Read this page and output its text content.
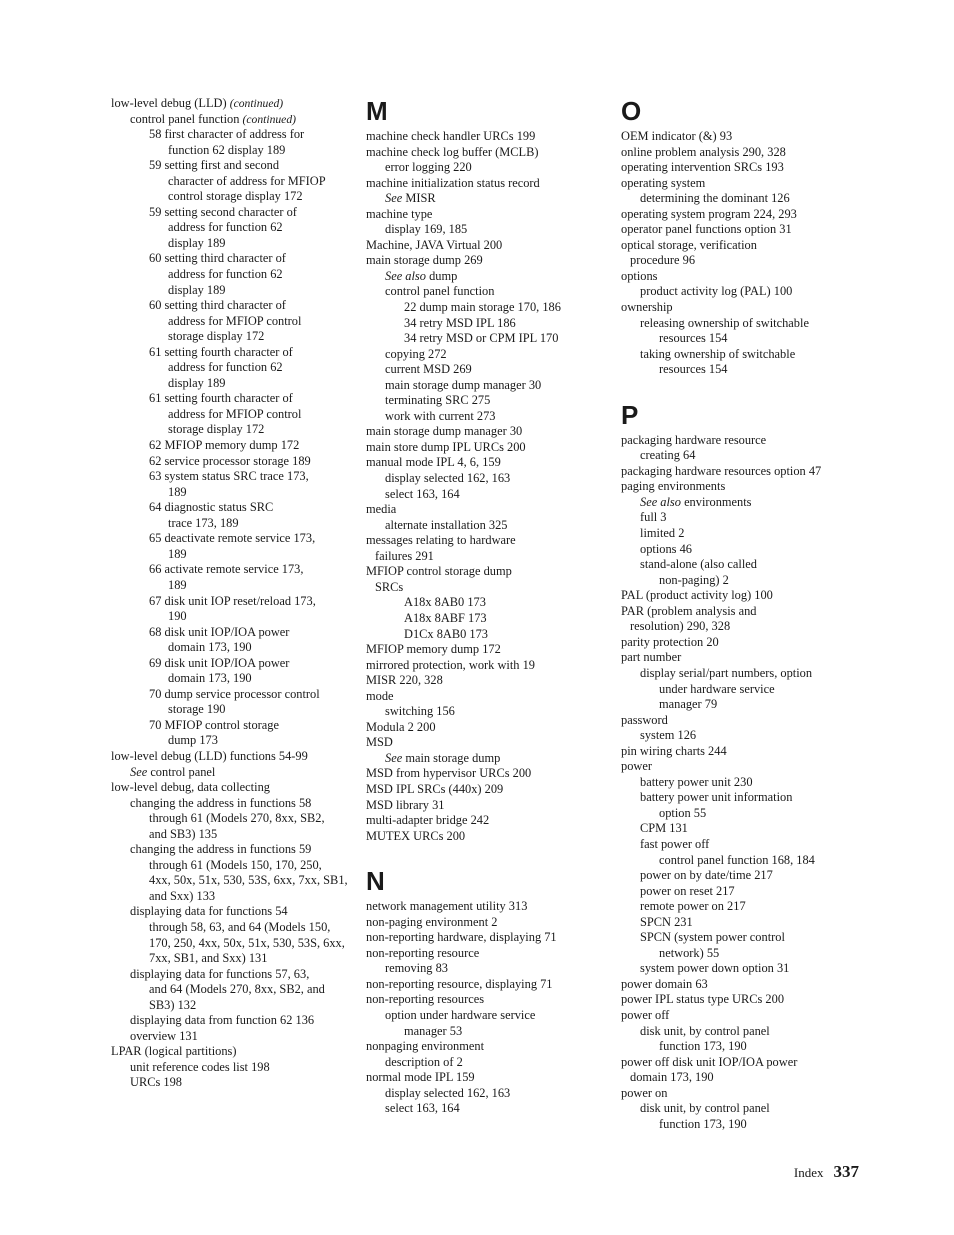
low-level debug (LLD) (continued)
control panel function (continued)
58 first character of address for
function 62 display 189
59 setting first and second
character of address for MFIOP
control storage display 172
59 setting second character of
address for function 62
display 189
60 setting third character of
address for function 62
display 189
60 setting third character of
address for MFIOP control
storage display 172
61 setting fourth character of
address for function 62
display 189
61 setting fourth character of
address for MFIOP control
storage display 172
62 MFIOP memory dump 172
62 service processor storage 189
63 system status SRC trace 173,
189
64 diagnostic status SRC
trace 173, 189
65 deactivate remote service 173,
189
66 activate remote service 173,
189
67 disk unit IOP reset/reload 173,
190
68 disk unit IOP/IOA power
domain 173, 190
69 disk unit IOP/IOA power
domain 173, 190
70 dump service processor control
storage 190
70 MFIOP control storage
dump 173
low-level debug (LLD) functions 54-99
See control panel
low-level debug, data collecting
changing the address in functions 58
through 61 (Models 270, 8xx, SB2,
and SB3) 135
changing the address in functions 59
through 61 (Models 150, 170, 250,
4xx, 50x, 51x, 530, 53S, 6xx, 7xx, SB1,
and Sxx) 133
displaying data for functions 54
through 58, 63, and 64 (Models 150,
170, 250, 4xx, 50x, 51x, 530, 53S, 6xx,
7xx, SB1, and Sxx) 131
displaying data for functions 57, 63,
and 64 (Models 270, 8xx, SB2, and
SB3) 132
displaying data from function 62 136
overview 131
LPAR (logical partitions)
unit reference codes list 198
URCs 198
M
machine check handler URCs 199
machine check log buffer (MCLB)
error logging 220
machine initialization status record
See MISR
machine type
display 169, 185
Machine, JAVA Virtual 200
main storage dump 269
See also dump
control panel function
22 dump main storage 170, 186
34 retry MSD IPL 186
34 retry MSD or CPM IPL 170
copying 272
current MSD 269
main storage dump manager 30
terminating SRC 275
work with current 273
main storage dump manager 30
main store dump IPL URCs 200
manual mode IPL 4, 6, 159
display selected 162, 163
select 163, 164
media
alternate installation 325
messages relating to hardware
failures 291
MFIOP control storage dump
SRCs
A18x 8AB0 173
A18x 8ABF 173
D1Cx 8AB0 173
MFIOP memory dump 172
mirrored protection, work with 19
MISR 220, 328
mode
switching 156
Modula 2 200
MSD
See main storage dump
MSD from hypervisor URCs 200
MSD IPL SRCs (440x) 209
MSD library 31
multi-adapter bridge 242
MUTEX URCs 200
N
network management utility 313
non-paging environment 2
non-reporting hardware, displaying 71
non-reporting resource
removing 83
non-reporting resource, displaying 71
non-reporting resources
option under hardware service
manager 53
nonpaging environment
description of 2
normal mode IPL 159
display selected 162, 163
select 163, 164
O
OEM indicator (&) 93
online problem analysis 290, 328
operating intervention SRCs 193
operating system
determining the dominant 126
operating system program 224, 293
operator panel functions option 31
optical storage, verification
procedure 96
options
product activity log (PAL) 100
ownership
releasing ownership of switchable
resources 154
taking ownership of switchable
resources 154
P
packaging hardware resource
creating 64
packaging hardware resources option 47
paging environments
See also environments
full 3
limited 2
options 46
stand-alone (also called
non-paging) 2
PAL (product activity log) 100
PAR (problem analysis and
resolution) 290, 328
parity protection 20
part number
display serial/part numbers, option
under hardware service
manager 79
password
system 126
pin wiring charts 244
power
battery power unit 230
battery power unit information
option 55
CPM 131
fast power off
control panel function 168, 184
power on by date/time 217
power on reset 217
remote power on 217
SPCN 231
SPCN (system power control
network) 55
system power down option 31
power domain 63
power IPL status type URCs 200
power off
disk unit, by control panel
function 173, 190
power off disk unit IOP/IOA power
domain 173, 190
power on
disk unit, by control panel
function 173, 190
Index 337
